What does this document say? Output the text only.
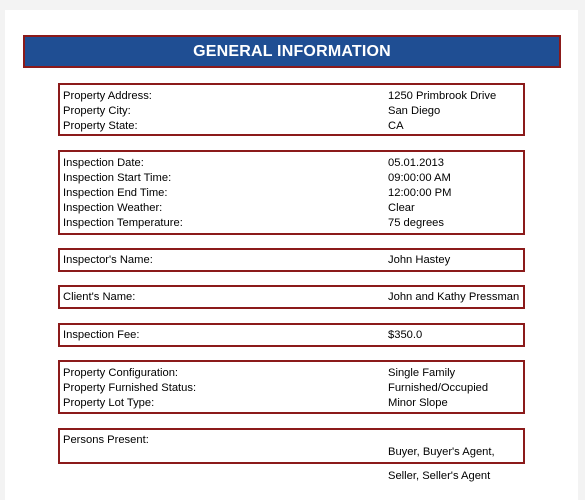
GENERAL INFORMATION
Property Address:	1250 Primbrook Drive
Property City:	San Diego
Property State:	CA
Inspection Date:	05.01.2013
Inspection Start Time:	09:00:00 AM
Inspection End Time:	12:00:00 PM
Inspection Weather:	Clear
Inspection Temperature:	75 degrees
Inspector's Name:	John Hastey
Client's Name:	John and Kathy Pressman
Inspection Fee:	$350.0
Property Configuration:	Single Family
Property Furnished Status:	Furnished/Occupied
Property Lot Type:	Minor Slope
Persons Present:

Buyer, Buyer's Agent,

Seller, Seller's Agent
